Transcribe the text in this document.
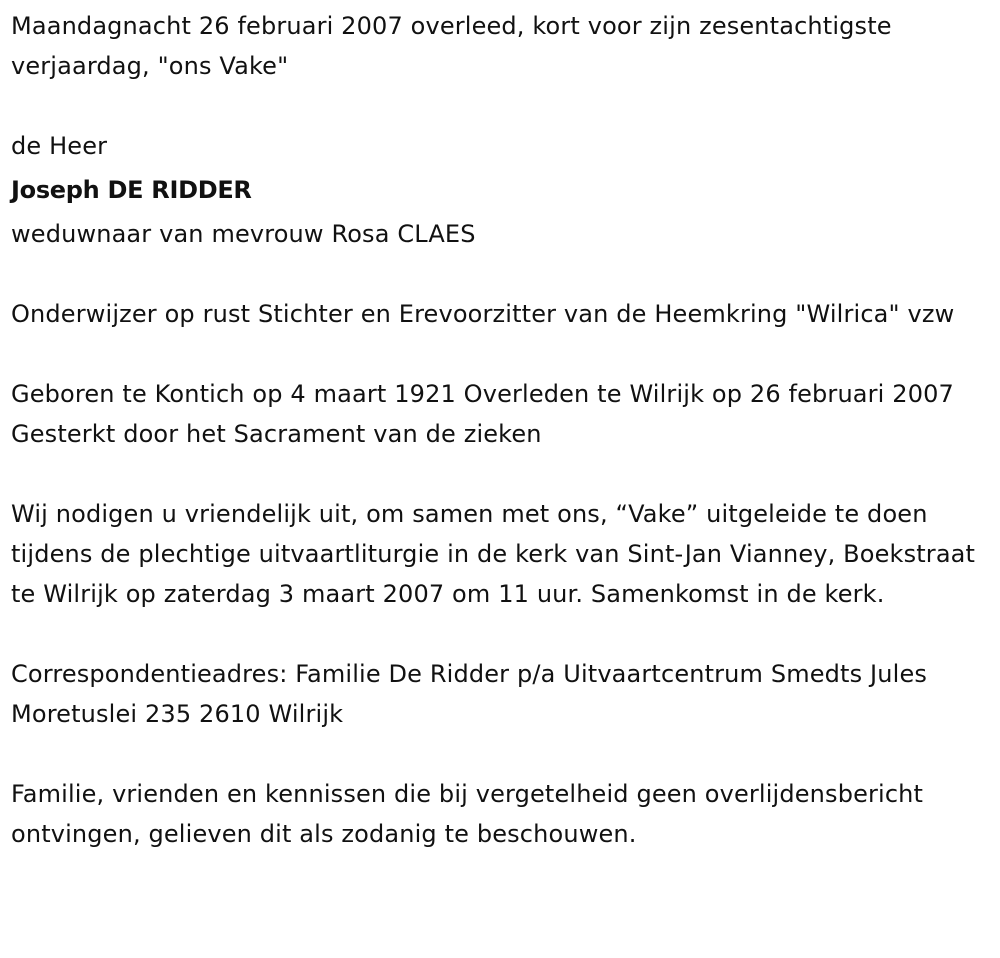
Maandagnacht 26 februari 2007 overleed, kort voor zijn zesentachtigste verjaardag, "ons Vake"

de Heer

Joseph DE RIDDER

weduwnaar van mevrouw Rosa CLAES

Onderwijzer op rust Stichter en Erevoorzitter van de Heemkring "Wilrica" vzw

Geboren te Kontich op 4 maart 1921 Overleden te Wilrijk op 26 februari 2007 Gesterkt door het Sacrament van de zieken

Wij nodigen u vriendelijk uit, om samen met ons, “Vake” uitgeleide te doen tijdens de plechtige uitvaartliturgie in de kerk van Sint-Jan Vianney, Boekstraat te Wilrijk op zaterdag 3 maart 2007 om 11 uur. Samenkomst in de kerk.

Correspondentieadres: Familie De Ridder p/a Uitvaartcentrum Smedts Jules Moretuslei 235 2610 Wilrijk

Familie, vrienden en kennissen die bij vergetelheid geen overlijdensbericht ontvingen, gelieven dit als zodanig te beschouwen.
